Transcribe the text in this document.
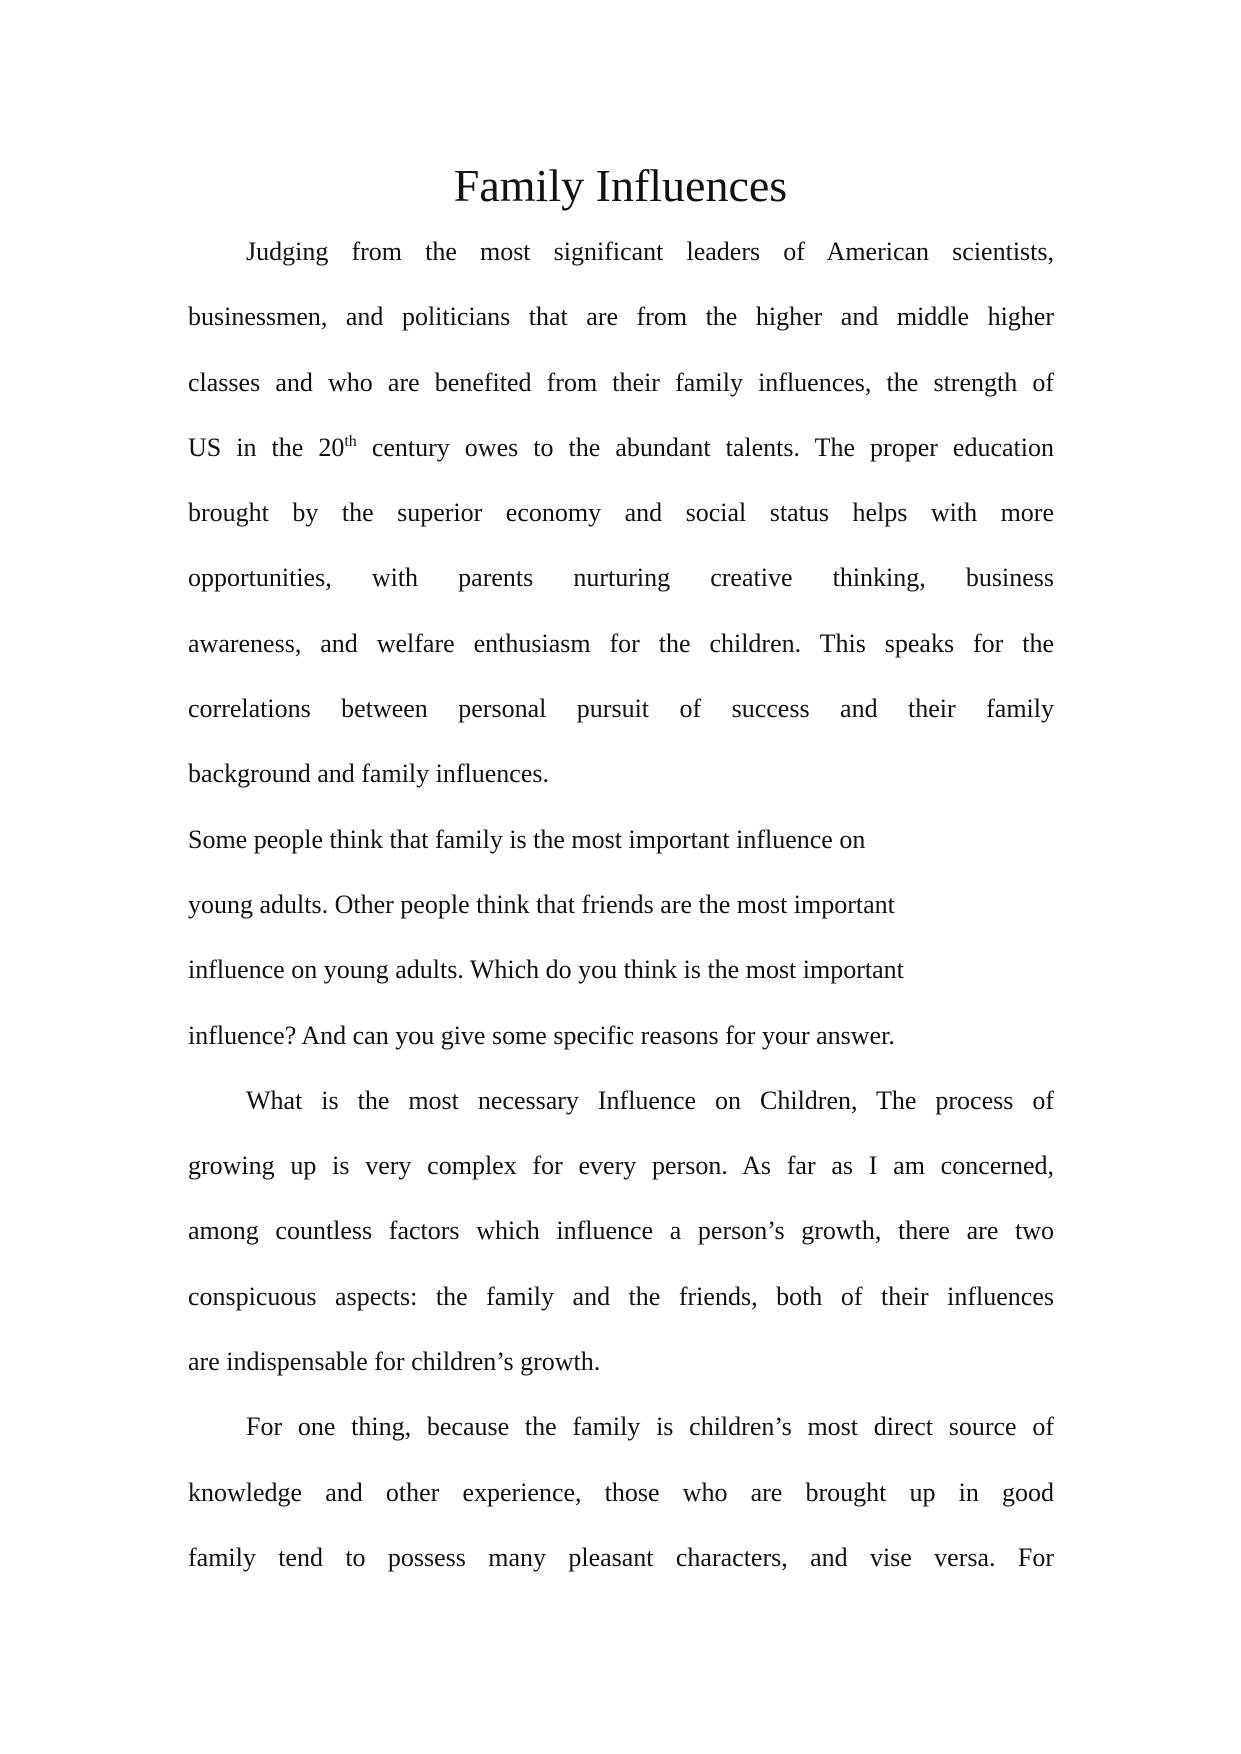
Family Influences

Judging from the most significant leaders of American scientists,
businessmen, and politicians that are from the higher and middle higher
classes and who are benefited from their family influences, the strength of
US in the 20th century owes to the abundant talents. The proper education
brought by the superior economy and social status helps with more
opportunities, with parents nurturing creative thinking, business
awareness, and welfare enthusiasm for the children. This speaks for the
correlations between personal pursuit of success and their family
background and family influences.

Some people think that family is the most important influence on
young adults. Other people think that friends are the most important
influence on young adults. Which do you think is the most important
influence? And can you give some specific reasons for your answer.

What is the most necessary Influence on Children, The process of
growing up is very complex for every person. As far as I am concerned,
among countless factors which influence a person’s growth, there are two
conspicuous aspects: the family and the friends, both of their influences
are indispensable for children’s growth.

For one thing, because the family is children’s most direct source of
knowledge and other experience, those who are brought up in good
family tend to possess many pleasant characters, and vise versa. For
